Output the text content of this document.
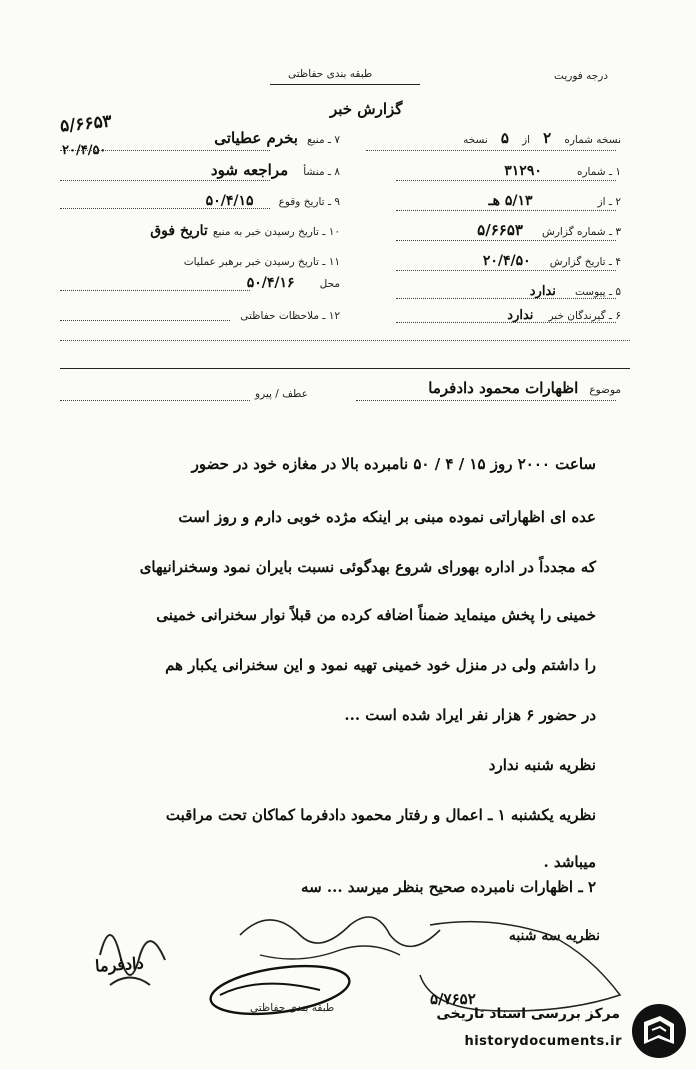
درجه فوریت
طبقه بندی حفاظتی
گزارش خبر
نسخه شماره ۲ از ۵ نسخه
۱ ـ شماره ۳۱۲۹۰
۲ ـ از ۵/۱۳ هـ
۳ ـ شماره گزارش ۵/۶۶۵۳
۴ ـ تاریخ گزارش ۲۰/۴/۵۰
۵ ـ پیوست ندارد
۶ ـ گیرندگان خبر ندارد
۷ ـ منبع بخرم عطیاتی
۵/۶۶۵۳
۲۰/۴/۵۰
۸ ـ منشأ مراجعه شود
۹ ـ تاریخ وقوع ۵۰/۴/۱۵
۱۰ ـ تاریخ رسیدن خبر به منبع تاریخ فوق
۱۱ ـ تاریخ رسیدن خبر برهبر عملیات
محل ۵۰/۴/۱۶
۱۲ ـ ملاحظات حفاظتی
موضوع اظهارات محمود دادفرما
عطف / پیرو
ساعت ۲۰۰۰ روز ۱۵ / ۴ / ۵۰ نامبرده بالا در مغازه خود در حضور
عده ای اظهاراتی نموده مبنی بر اینکه مژده خوبی دارم و روز است
که مجدداً در اداره بهورای شروع بهدگوئی نسبت بایران نمود وسخنرانیهای
خمینی را پخش مینماید ضمناً اضافه کرده من قبلاً نوار سخنرانی خمینی
را داشتم ولی در منزل خود خمینی تهیه نمود و این سخنرانی یکبار هم
در حضور ۶ هزار نفر ایراد شده است ...
نظریه شنبه ندارد
نظریه یکشنبه ۱ ـ اعمال و رفتار محمود دادفرما کماکان تحت مراقبت
میباشد .
۲ ـ اظهارات نامبرده صحیح بنظر میرسد ... سه
نظریه سه شنبه
دادفرما
طبقه بندی حفاظتی	۵/۷۶۵۲
مرکز بررسی اسناد تاریخی
historydocuments.ir
